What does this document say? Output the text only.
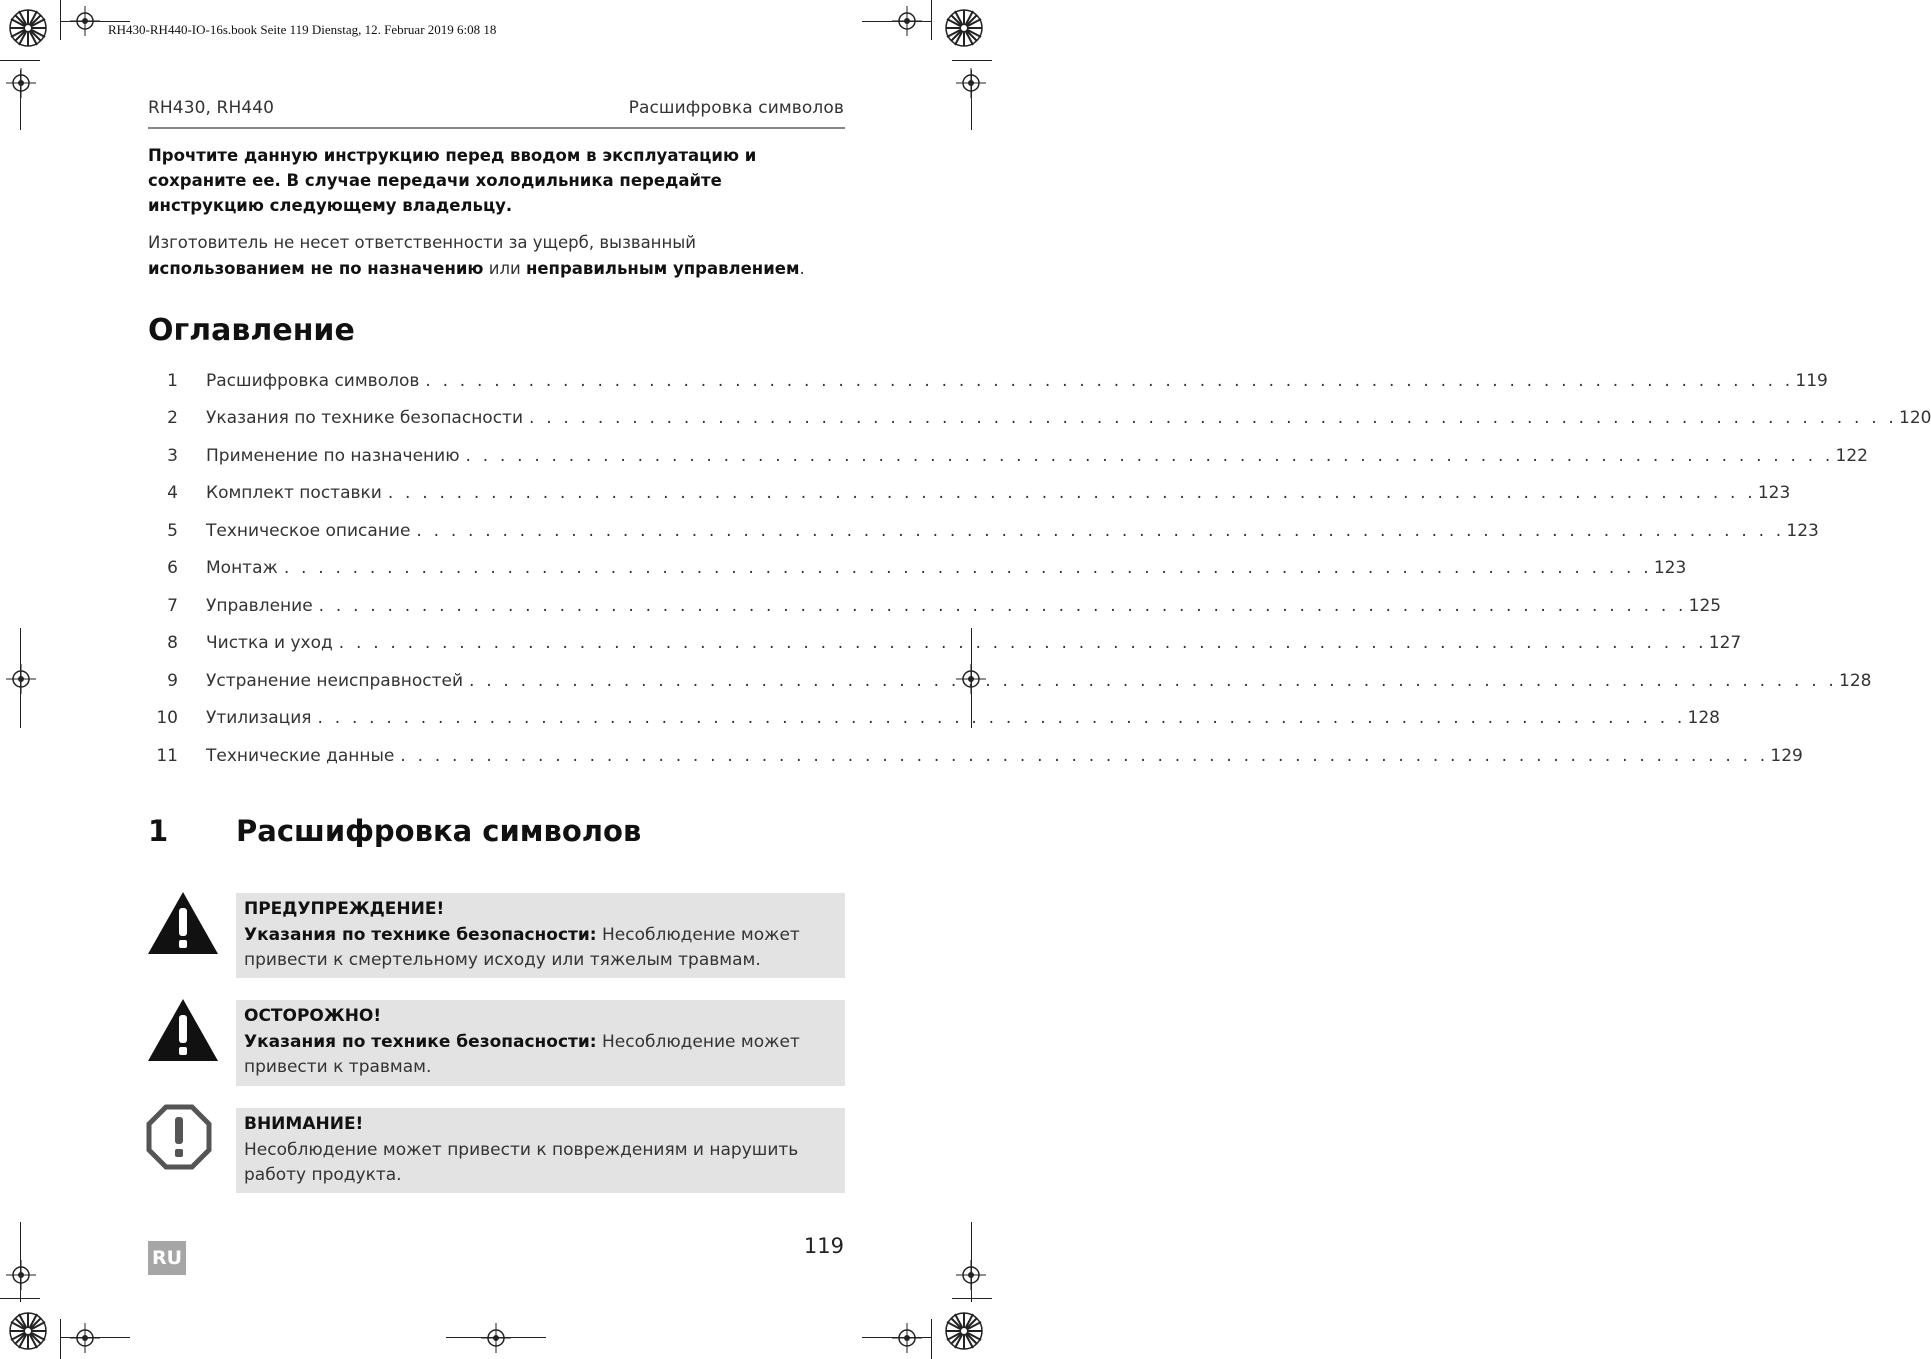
RH430-RH440-IO-16s.book Seite 119 Dienstag, 12. Februar 2019 6:08 18
RH430, RH440	Расшифровка символов
Прочтите данную инструкцию перед вводом в эксплуатацию и сохраните ее. В случае передачи холодильника передайте инструкцию следующему владельцу.
Изготовитель не несет ответственности за ущерб, вызванный использованием не по назначению или неправильным управлением.
Оглавление
1 Расшифровка символов . . . . . . . . . . . . . . . . . . . . . . . . . . . . . . . . . . . . . . . . . . . . . . . . . . . . . . . . . . . . . . . . . . . . . . . . . . . . . . . . 119
2 Указания по технике безопасности . . . . . . . . . . . . . . . . . . . . . . . . . . . . . . . . . . . . . . . . . . . . . . . . . . . . . . . . . . . . . . . . . . . . . . . . . . . . . . . . 120
3 Применение по назначению . . . . . . . . . . . . . . . . . . . . . . . . . . . . . . . . . . . . . . . . . . . . . . . . . . . . . . . . . . . . . . . . . . . . . . . . . . . . . . . . 122
4 Комплект поставки . . . . . . . . . . . . . . . . . . . . . . . . . . . . . . . . . . . . . . . . . . . . . . . . . . . . . . . . . . . . . . . . . . . . . . . . . . . . . . . . 123
5 Техническое описание . . . . . . . . . . . . . . . . . . . . . . . . . . . . . . . . . . . . . . . . . . . . . . . . . . . . . . . . . . . . . . . . . . . . . . . . . . . . . . . . 123
6 Монтаж . . . . . . . . . . . . . . . . . . . . . . . . . . . . . . . . . . . . . . . . . . . . . . . . . . . . . . . . . . . . . . . . . . . . . . . . . . . . . . . . 123
7 Управление . . . . . . . . . . . . . . . . . . . . . . . . . . . . . . . . . . . . . . . . . . . . . . . . . . . . . . . . . . . . . . . . . . . . . . . . . . . . . . . . 125
8 Чистка и уход . . . . . . . . . . . . . . . . . . . . . . . . . . . . . . . . . . . . . . . . . . . . . . . . . . . . . . . . . . . . . . . . . . . . . . . . . . . . . . . . 127
9 Устранение неисправностей . . . . . . . . . . . . . . . . . . . . . . . . . . . . . . . . . . . . . . . . . . . . . . . . . . . . . . . . . . . . . . . . . . . . . . . . . . . . . . . . 128
10 Утилизация . . . . . . . . . . . . . . . . . . . . . . . . . . . . . . . . . . . . . . . . . . . . . . . . . . . . . . . . . . . . . . . . . . . . . . . . . . . . . . . . 128
11 Технические данные . . . . . . . . . . . . . . . . . . . . . . . . . . . . . . . . . . . . . . . . . . . . . . . . . . . . . . . . . . . . . . . . . . . . . . . . . . . . . . . . 129
1 Расшифровка символов
ПРЕДУПРЕЖДЕНИЕ!
Указания по технике безопасности: Несоблюдение может привести к смертельному исходу или тяжелым травмам.
ОСТОРОЖНО!
Указания по технике безопасности: Несоблюдение может привести к травмам.
ВНИМАНИЕ!
Несоблюдение может привести к повреждениям и нарушить работу продукта.
119
RU
